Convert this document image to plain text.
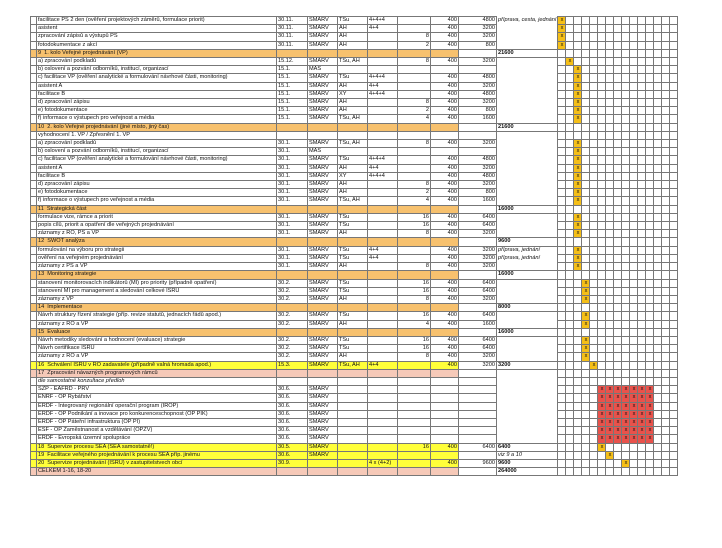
	facilitace PS 2 den (ověření projektových záměrů, formulace priorit)	30.11.	SMARV	TSu	4+4+4		400	4800	příprava, cesta, jednání	x														
	asistent	30.11.	SMARV	AH	4+4		400	3200		x														
	zpracování zápisů a výstupů PS	30.11.	SMARV	AH		8	400	3200		x														
	fotodokumentace z akcí	30.11.	SMARV	AH		2	400	800		x														
	9 1. kolo Veřejné projednávání (VP)								21600															
	a) zpracování podkladů	15.12.	SMARV	TSu, AH		8	400	3200			x													
	b) oslovení a pozvání odborníků, institucí, organizací	15.1.	MAS									x												
	c) facilitace VP (ověření analytické a formulování návrhové části, monitoring)	15.1.	SMARV	TSu	4+4+4		400	4800				x												
	asistent A	15.1.	SMARV	AH	4+4		400	3200				x												
	facilitace B	15.1.	SMARV	XY	4+4+4		400	4800				x												
	d) zpracování zápisu	15.1.	SMARV	AH		8	400	3200				x												
	e) fotodokumentace	15.1.	SMARV	AH		2	400	800				x												
	f) informace o výstupech pro veřejnost a média	15.1.	SMARV	TSu, AH		4	400	1600				x												
	10 2. kolo Veřejné projednávání (jiné místo, jiný čas)								21600															
	vyhodnocení 1. VP / Zpřesnění 1. VP																							
	a) zpracování podkladů	30.1.	SMARV	TSu, AH		8	400	3200				x												
	b) oslovení a pozvání odborníků, institucí, organizací	30.1.	MAS									x												
	c) facilitace VP (ověření analytické a formulování návrhové části, monitoring)	30.1.	SMARV	TSu	4+4+4		400	4800				x												
	asistent A	30.1.	SMARV	AH	4+4		400	3200				x												
	facilitace B	30.1.	SMARV	XY	4+4+4		400	4800				x												
	d) zpracování zápisu	30.1.	SMARV	AH		8	400	3200				x												
	e) fotodokumentace	30.1.	SMARV	AH		2	400	800				x												
	f) informace o výstupech pro veřejnost a média	30.1.	SMARV	TSu, AH		4	400	1600				x												
	11 Strategická část								16000															
	formulace vize, rámce a priorit	30.1.	SMARV	TSu		16	400	6400				x												
	popis cílů, priorit a opatření dle veřejných projednávání	30.1.	SMARV	TSu		16	400	6400				x												
	záznamy z ŘO, PS a VP	30.1.	SMARV	AH		8	400	3200				x												
	12 SWOT analýza								9600															
	formulování na výboru pro strategii	30.1.	SMARV	TSu	4+4		400	3200	příprava, jednání			x												
	ověření na veřejném projednávání	30.1.	SMARV	TSu	4+4		400	3200	příprava, jednání			x												
	záznamy z PS a VP	30.1.	SMARV	AH		8	400	3200				x												
	13 Monitoring strategie								16000															
	stanovení monitorovacích indikátorů (MI) pro priority (případně opatření)	30.2.	SMARV	TSu		16	400	6400					x											
	stanovení MI pro management a sledování celkové ISRÚ	30.2.	SMARV	TSu		16	400	6400					x											
	záznamy z VP	30.2.	SMARV	AH		8	400	3200					x											
	14 Implementace								8000															
	Návrh struktury řízení strategie (příp. revize statutů, jednacích řádů apod.)	30.2.	SMARV	TSu		16	400	6400					x											
	záznamy z ŘO a VP	30.2.	SMARV	AH		4	400	1600					x											
	15 Evaluace								16000															
	Návrh metodiky sledování a hodnocení (evaluace) strategie	30.2.	SMARV	TSu		16	400	6400					x											
	Návrh certifikace ISRÚ	30.2.	SMARV	TSu		16	400	6400					x											
	záznamy z ŘO a VP	30.2.	SMARV	AH		8	400	3200					x											
	16 Schválení ISRÚ v ŘO zadavatele (případně valná hromada apod.)	15.3.	SMARV	TSu, AH	4+4		400	3200	3200					x										
	17 Zpracování návazných programových rámců																							
	dle samostatné konzultace předloh																							
	SZP - EAFRD - PRV	30.6.	SMARV												x	x	x	x	x	x	x			
	ENRF - OP Rybářství	30.6.	SMARV												x	x	x	x	x	x	x			
	ERDF - Integrovaný regionální operační program (IROP)	30.6.	SMARV												x	x	x	x	x	x	x			
	ERDF - OP Podnikání a inovace pro konkurenceschopnost (OP PIK)	30.6.	SMARV												x	x	x	x	x	x	x			
	ERDF - OP Páteřní infrastruktura (OP PI)	30.6.	SMARV												x	x	x	x	x	x	x			
	ESF - OP Zaměstnanost a vzdělávání (OPZV)	30.6.	SMARV												x	x	x	x	x	x	x			
	ERDF - Evropská územní spolupráce	30.6.	SMARV												x	x	x	x	x	x	x			
	18 Supervize procesu SEA (SEA samostatně!)	30.5.	SMARV			16	400	6400	6400						x									
	19 Facilitace veřejného projednávání k procesu SEA příp. jinému	30.6.	SMARV						viz 9 a 10							x								
	20 Supervize projednávání (ISRÚ) v zastupitelstvech obcí	30.9.			4 x (4+2)		400	9600	9600									x						
	CELKEM 1-16, 18-20								264000															
